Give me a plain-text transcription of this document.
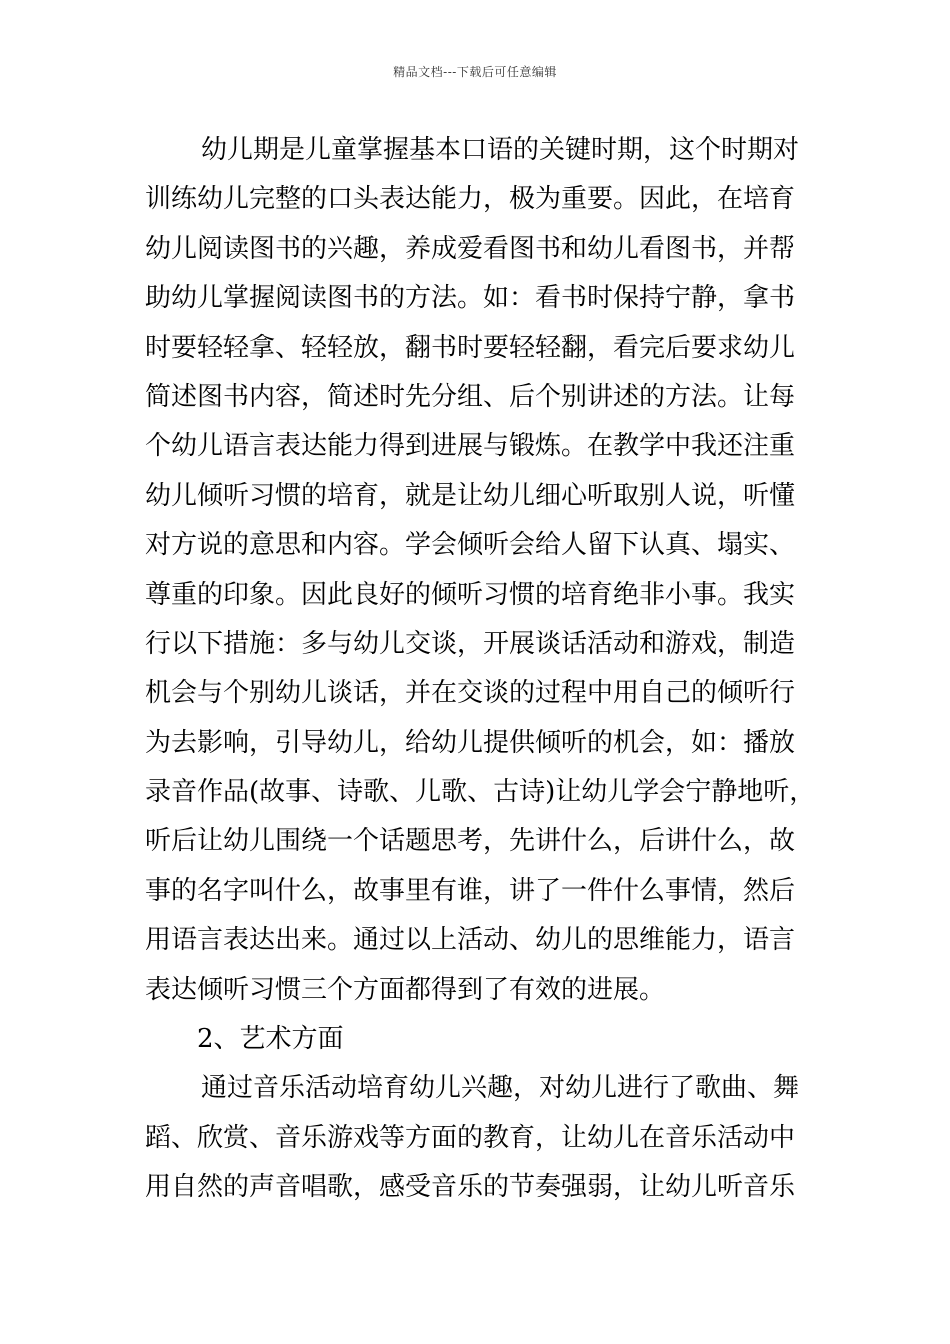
精品文档---下载后可任意编辑
幼儿期是儿童掌握基本口语的关键时期，这个时期对
训练幼儿完整的口头表达能力，极为重要。因此，在培育
幼儿阅读图书的兴趣，养成爱看图书和幼儿看图书，并帮
助幼儿掌握阅读图书的方法。如：看书时保持宁静，拿书
时要轻轻拿、轻轻放，翻书时要轻轻翻，看完后要求幼儿
简述图书内容，简述时先分组、后个别讲述的方法。让每
个幼儿语言表达能力得到进展与锻炼。在教学中我还注重
幼儿倾听习惯的培育，就是让幼儿细心听取别人说，听懂
对方说的意思和内容。学会倾听会给人留下认真、塌实、
尊重的印象。因此良好的倾听习惯的培育绝非小事。我实
行以下措施：多与幼儿交谈，开展谈话活动和游戏，制造
机会与个别幼儿谈话，并在交谈的过程中用自己的倾听行
为去影响，引导幼儿，给幼儿提供倾听的机会，如：播放
录音作品(故事、诗歌、儿歌、古诗)让幼儿学会宁静地听，
听后让幼儿围绕一个话题思考，先讲什么，后讲什么，故
事的名字叫什么，故事里有谁，讲了一件什么事情，然后
用语言表达出来。通过以上活动、幼儿的思维能力，语言
表达倾听习惯三个方面都得到了有效的进展。
2、艺术方面
通过音乐活动培育幼儿兴趣，对幼儿进行了歌曲、舞
蹈、欣赏、音乐游戏等方面的教育，让幼儿在音乐活动中
用自然的声音唱歌，感受音乐的节奏强弱，让幼儿听音乐
